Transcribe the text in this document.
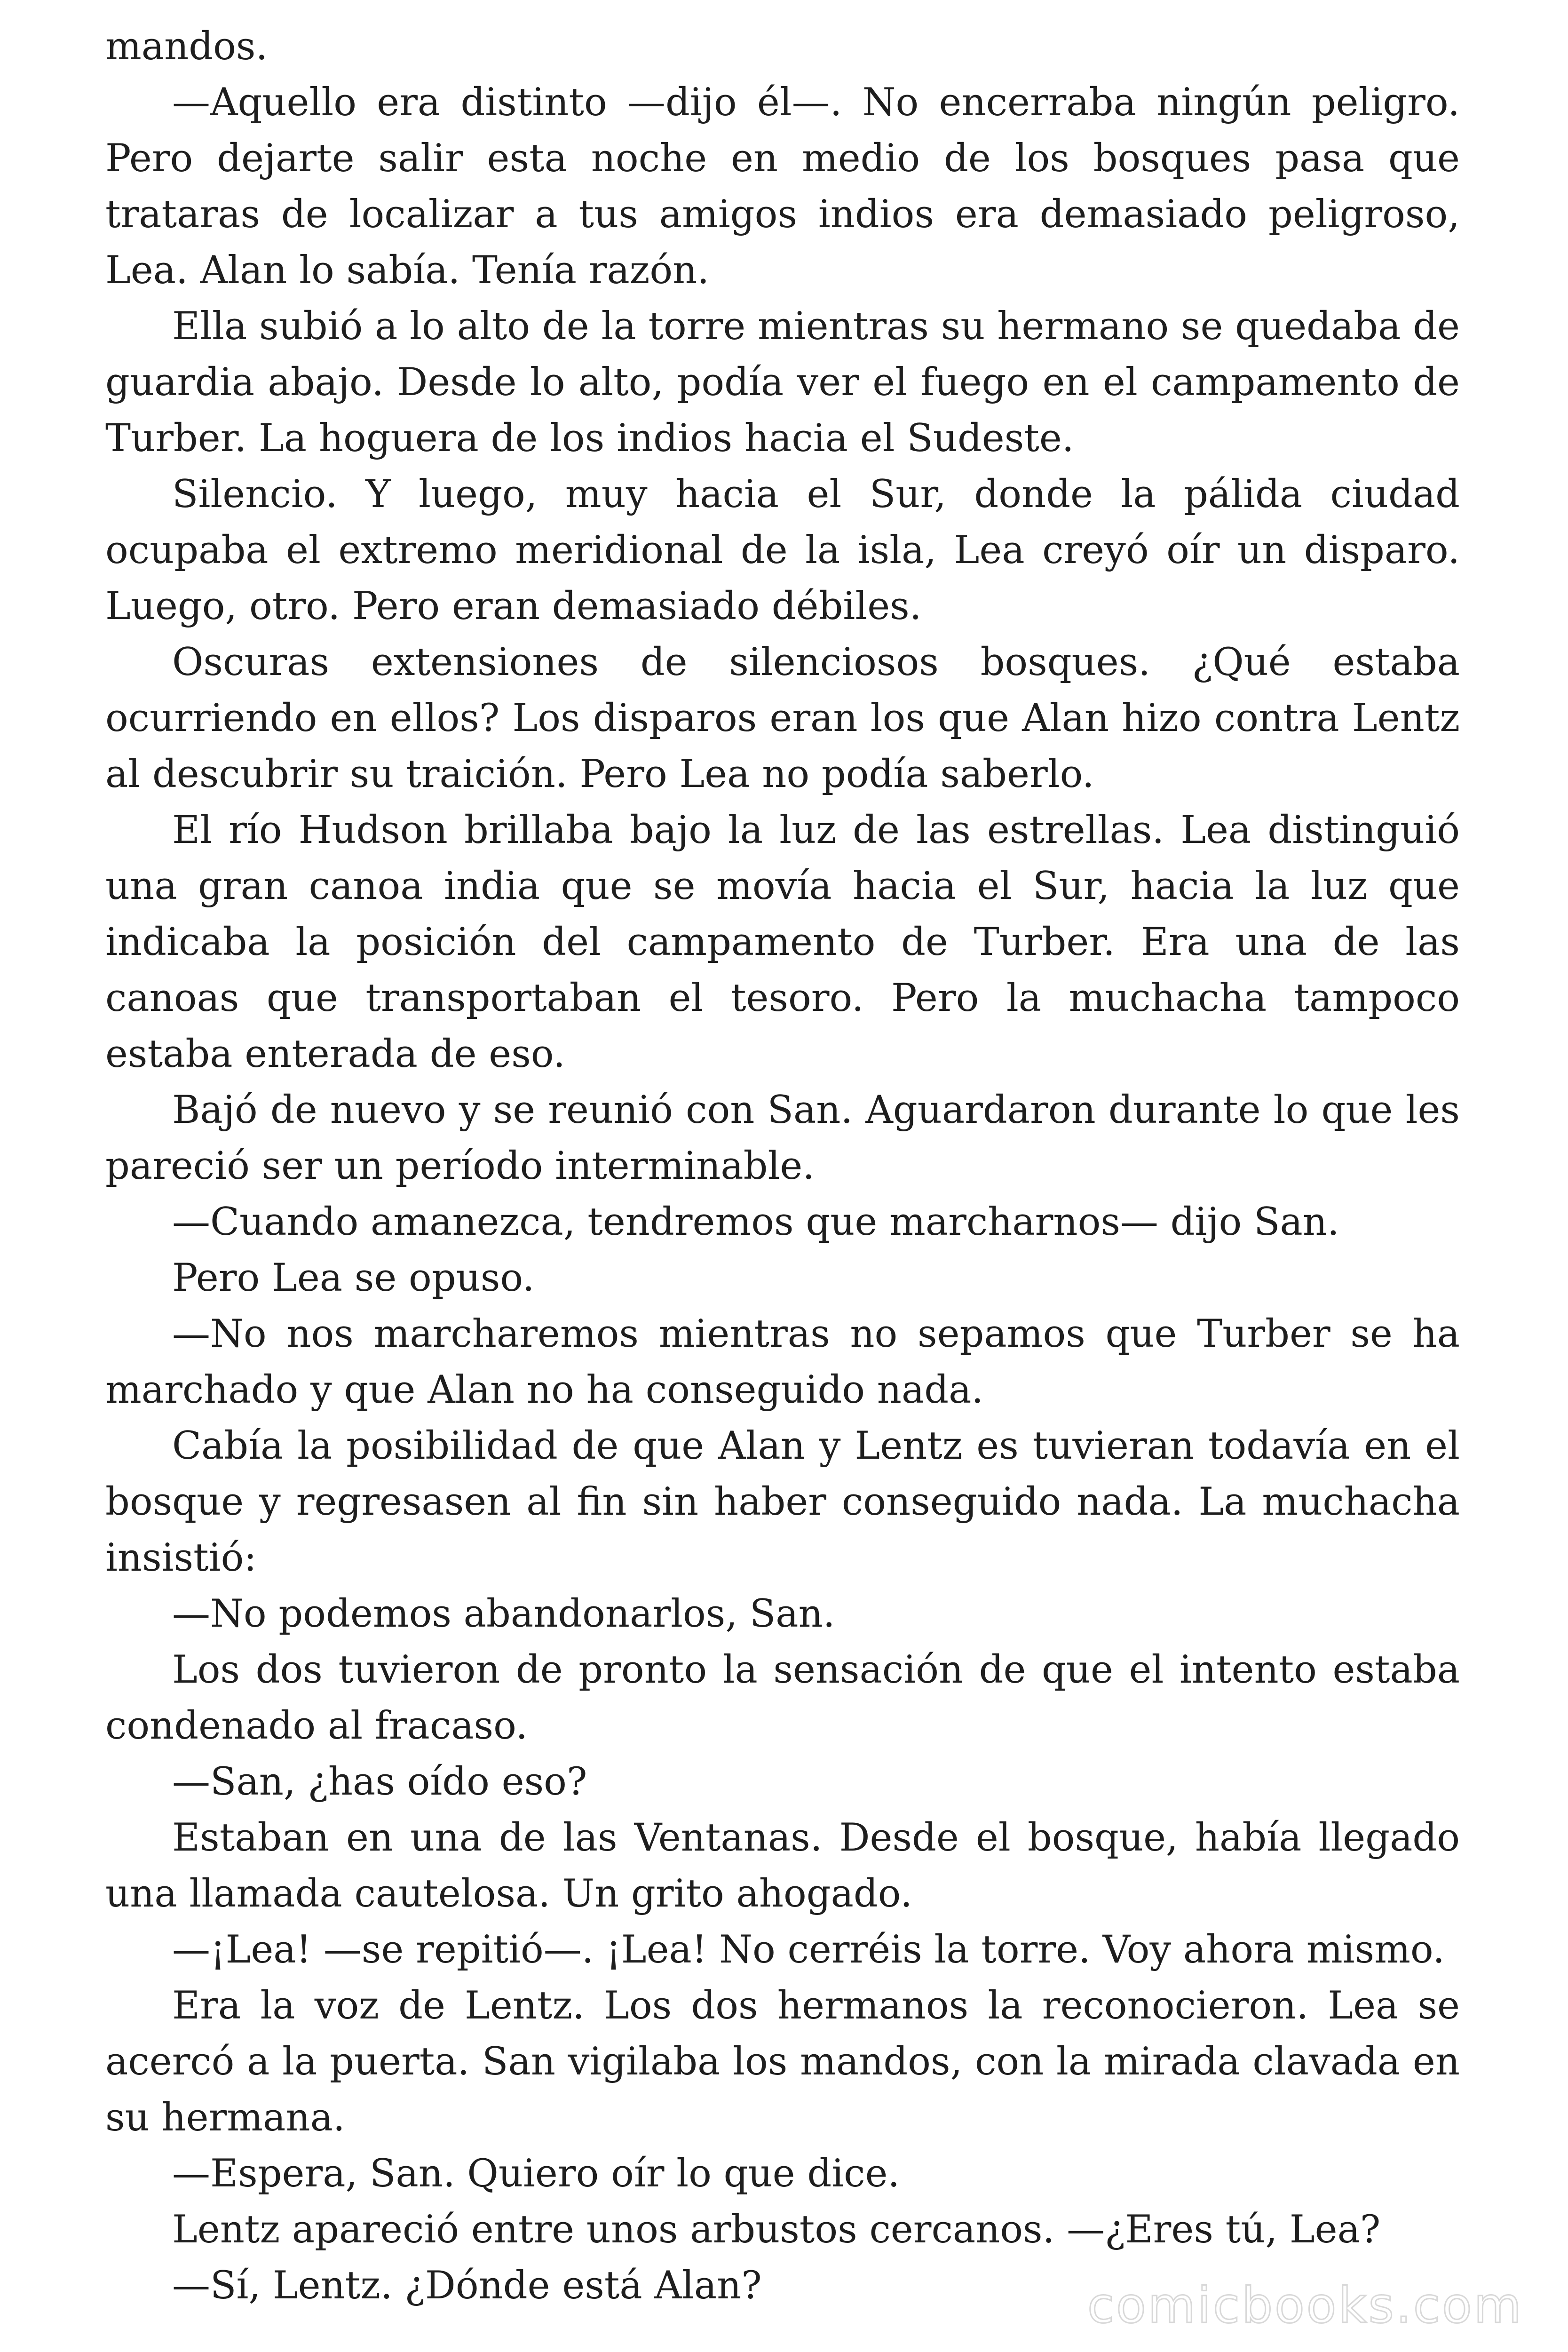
mandos.

—Aquello era distinto —dijo él—. No encerraba ningún peligro. Pero dejarte salir esta noche en medio de los bosques pasa que trataras de localizar a tus amigos indios era demasiado peligroso, Lea. Alan lo sabía. Tenía razón.

Ella subió a lo alto de la torre mientras su hermano se quedaba de guardia abajo. Desde lo alto, podía ver el fuego en el campamento de Turber. La hoguera de los indios hacia el Sudeste.

Silencio. Y luego, muy hacia el Sur, donde la pálida ciudad ocupaba el extremo meridional de la isla, Lea creyó oír un disparo. Luego, otro. Pero eran demasiado débiles.

Oscuras extensiones de silenciosos bosques. ¿Qué estaba ocurriendo en ellos? Los disparos eran los que Alan hizo contra Lentz al descubrir su traición. Pero Lea no podía saberlo.

El río Hudson brillaba bajo la luz de las estrellas. Lea distinguió una gran canoa india que se movía hacia el Sur, hacia la luz que indicaba la posición del campamento de Turber. Era una de las canoas que transportaban el tesoro. Pero la muchacha tampoco estaba enterada de eso.

Bajó de nuevo y se reunió con San. Aguardaron durante lo que les pareció ser un período interminable.

—Cuando amanezca, tendremos que marcharnos— dijo San.

Pero Lea se opuso.

—No nos marcharemos mientras no sepamos que Turber se ha marchado y que Alan no ha conseguido nada.

Cabía la posibilidad de que Alan y Lentz es tuvieran todavía en el bosque y regresasen al fin sin haber conseguido nada. La muchacha insistió:

—No podemos abandonarlos, San.

Los dos tuvieron de pronto la sensación de que el intento estaba condenado al fracaso.

—San, ¿has oído eso?

Estaban en una de las Ventanas. Desde el bosque, había llegado una llamada cautelosa. Un grito ahogado.

—¡Lea! —se repitió—. ¡Lea! No cerréis la torre. Voy ahora mismo.

Era la voz de Lentz. Los dos hermanos la reconocieron. Lea se acercó a la puerta. San vigilaba los mandos, con la mirada clavada en su hermana.

—Espera, San. Quiero oír lo que dice.

Lentz apareció entre unos arbustos cercanos. —¿Eres tú, Lea?

—Sí, Lentz. ¿Dónde está Alan?	comicbooks.com
